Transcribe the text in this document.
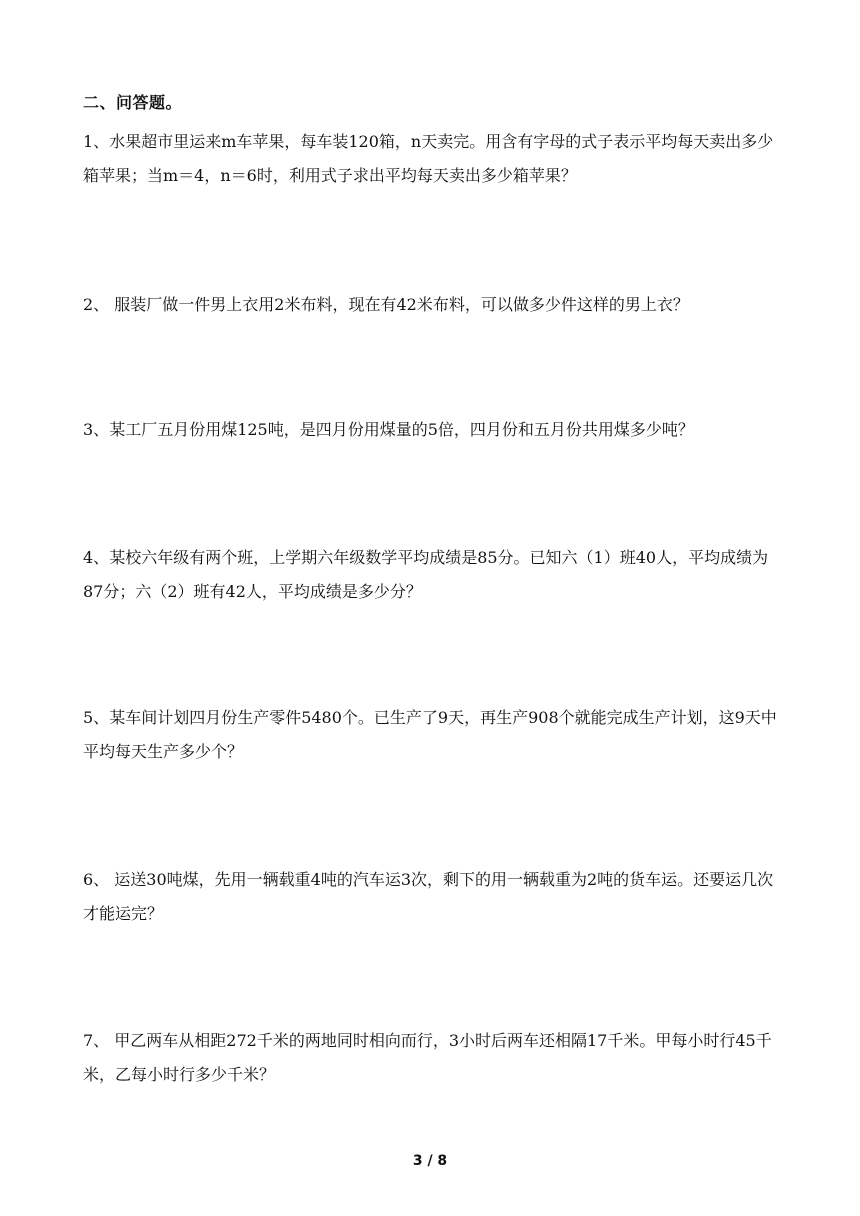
二、问答题。
1、水果超市里运来m车苹果，每车装120箱，n天卖完。用含有字母的式子表示平均每天卖出多少箱苹果；当m＝4，n＝6时，利用式子求出平均每天卖出多少箱苹果？
2、 服装厂做一件男上衣用2米布料，现在有42米布料，可以做多少件这样的男上衣？
3、某工厂五月份用煤125吨，是四月份用煤量的5倍，四月份和五月份共用煤多少吨？
4、某校六年级有两个班，上学期六年级数学平均成绩是85分。已知六（1）班40人，平均成绩为87分；六（2）班有42人，平均成绩是多少分？
5、某车间计划四月份生产零件5480个。已生产了9天，再生产908个就能完成生产计划，这9天中平均每天生产多少个？
6、 运送30吨煤，先用一辆载重4吨的汽车运3次，剩下的用一辆载重为2吨的货车运。还要运几次才能运完？
7、 甲乙两车从相距272千米的两地同时相向而行，3小时后两车还相隔17千米。甲每小时行45千米，乙每小时行多少千米？
3 / 8
